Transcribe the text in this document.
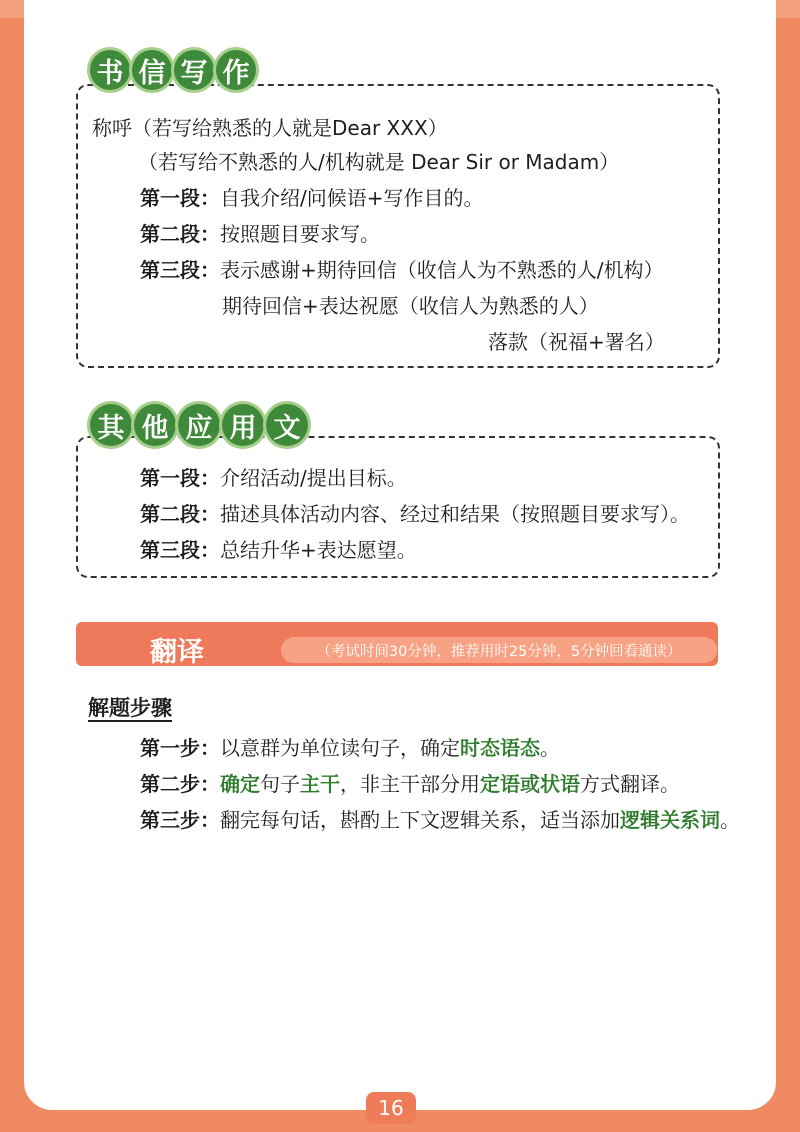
书 信 写 作
称呼（若写给熟悉的人就是Dear XXX）
（若写给不熟悉的人/机构就是 Dear Sir or Madam）
第一段：自我介绍/问候语+写作目的。
第二段：按照题目要求写。
第三段：表示感谢+期待回信（收信人为不熟悉的人/机构）
期待回信+表达祝愿（收信人为熟悉的人）
落款（祝福+署名）
其 他 应 用 文
第一段：介绍活动/提出目标。
第二段：描述具体活动内容、经过和结果（按照题目要求写）。
第三段：总结升华+表达愿望。
翻译	（考试时间30分钟，推荐用时25分钟，5分钟回看通读）
解题步骤
第一步：以意群为单位读句子，确定时态语态。
第二步：确定句子主干，非主干部分用定语或状语方式翻译。
第三步：翻完每句话，斟酌上下文逻辑关系，适当添加逻辑关系词。
16
